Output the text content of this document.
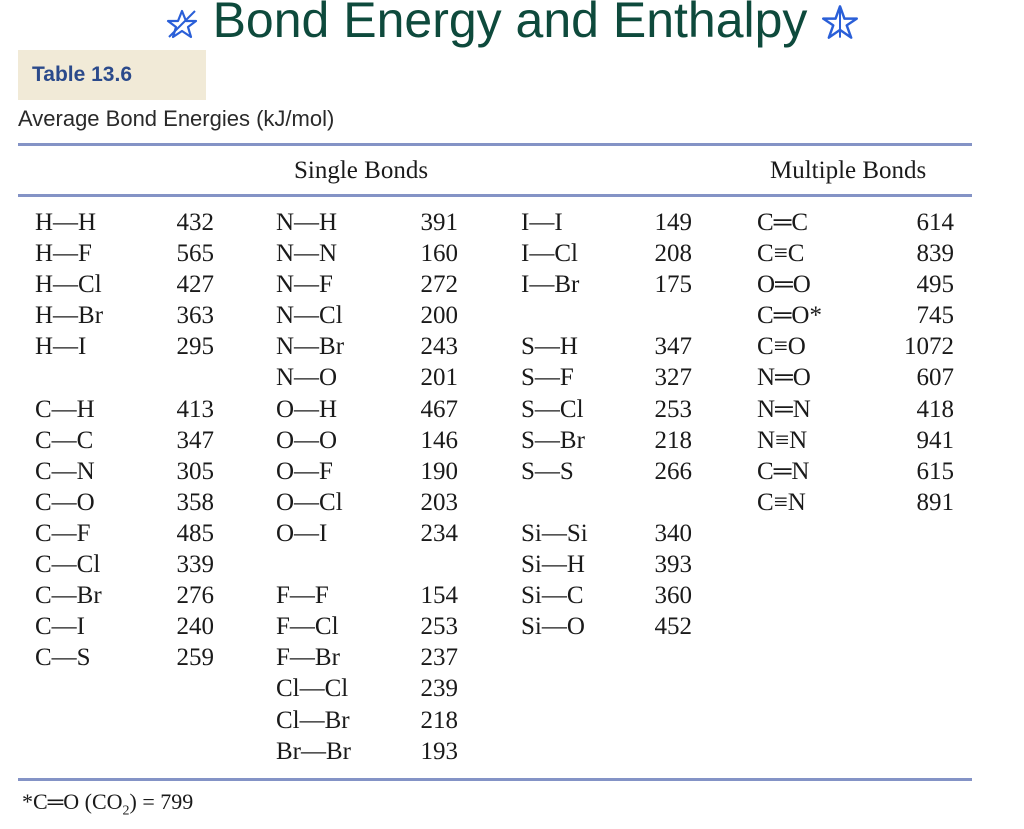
Bond Energy and Enthalpy
Table 13.6
Average Bond Energies (kJ/mol)
Single Bonds	Multiple Bonds
H—H
H—F
H—Cl
H—Br
H—I
C—H
C—C
C—N
C—O
C—F
C—Cl
C—Br
C—I
C—S
432
565
427
363
295
413
347
305
358
485
339
276
240
259
N—H
N—N
N—F
N—Cl
N—Br
N—O
O—H
O—O
O—F
O—Cl
O—I
F—F
F—Cl
F—Br
Cl—Cl
Cl—Br
Br—Br
391
160
272
200
243
201
467
146
190
203
234
154
253
237
239
218
193
I—I
I—Cl
I—Br
S—H
S—F
S—Cl
S—Br
S—S
Si—Si
Si—H
Si—C
Si—O
149
208
175
347
327
253
218
266
340
393
360
452
C═C
C≡C
O═O
C═O*
C≡O
N═O
N═N
N≡N
C═N
C≡N
614
839
495
745
1072
607
418
941
615
891
*C═O $(CO_2) = 799$
